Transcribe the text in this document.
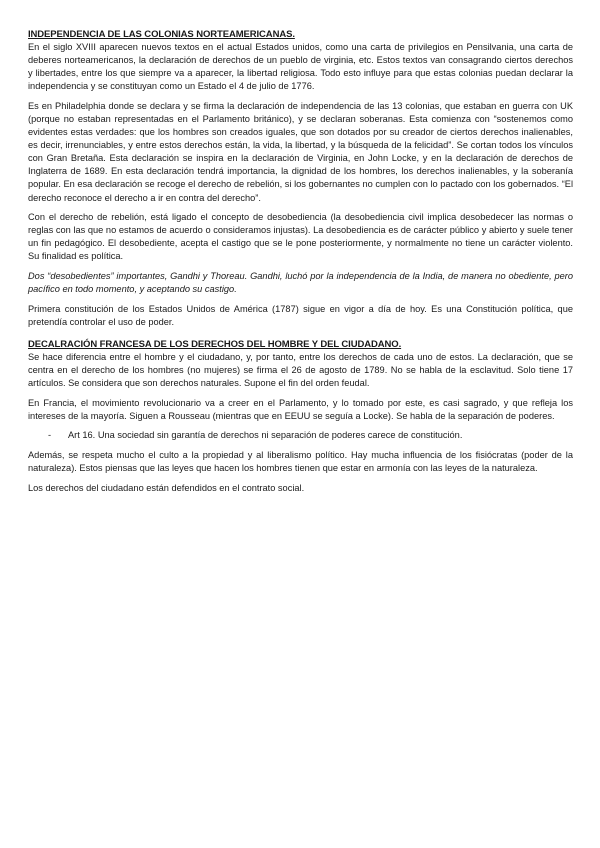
INDEPENDENCIA DE LAS COLONIAS NORTEAMERICANAS.

En el siglo XVIII aparecen nuevos textos en el actual Estados unidos, como una carta de privilegios en Pensilvania, una carta de deberes norteamericanos, la declaración de derechos de un pueblo de virginia, etc. Estos textos van consagrando ciertos derechos y libertades, entre los que siempre va a aparecer, la libertad religiosa. Todo esto influye para que estas colonias puedan declarar la independencia y se constituyan como un Estado el 4 de julio de 1776.

Es en Philadelphia donde se declara y se firma la declaración de independencia de las 13 colonias, que estaban en guerra con UK (porque no estaban representadas en el Parlamento británico), y se declaran soberanas. Esta comienza con “sostenemos como evidentes estas verdades: que los hombres son creados iguales, que son dotados por su creador de ciertos derechos inalienables, es decir, irrenunciables, y entre estos derechos están, la vida, la libertad, y la búsqueda de la felicidad”. Se cortan todos los vínculos con Gran Bretaña. Esta declaración se inspira en la declaración de Virginia, en John Locke, y en la declaración de derechos de Inglaterra de 1689. En esta declaración tendrá importancia, la dignidad de los hombres, los derechos inalienables, y la soberanía popular. En esa declaración se recoge el derecho de rebelión, si los gobernantes no cumplen con lo pactado con los gobernados. “El derecho reconoce el derecho a ir en contra del derecho”.

Con el derecho de rebelión, está ligado el concepto de desobediencia (la desobediencia civil implica desobedecer las normas o reglas con las que no estamos de acuerdo o consideramos injustas). La desobediencia es de carácter público y abierto y suele tener un fin pedagógico. El desobediente, acepta el castigo que se le pone posteriormente, y normalmente no tiene un carácter violento. Su finalidad es política.

Dos “desobedientes” importantes, Gandhi y Thoreau. Gandhi, luchó por la independencia de la India, de manera no obediente, pero pacífico en todo momento, y aceptando su castigo.

Primera constitución de los Estados Unidos de América (1787) sigue en vigor a día de hoy. Es una Constitución política, que pretendía controlar el uso de poder.

DECALRACIÓN FRANCESA DE LOS DERECHOS DEL HOMBRE Y DEL CIUDADANO.

Se hace diferencia entre el hombre y el ciudadano, y, por tanto, entre los derechos de cada uno de estos. La declaración, que se centra en el derecho de los hombres (no mujeres) se firma el 26 de agosto de 1789. No se habla de la esclavitud. Solo tiene 17 artículos. Se considera que son derechos naturales. Supone el fin del orden feudal.

En Francia, el movimiento revolucionario va a creer en el Parlamento, y lo tomado por este, es casi sagrado, y que refleja los intereses de la mayoría. Siguen a Rousseau (mientras que en EEUU se seguía a Locke). Se habla de la separación de poderes.

-	Art 16. Una sociedad sin garantía de derechos ni separación de poderes carece de constitución.

Además, se respeta mucho el culto a la propiedad y al liberalismo político. Hay mucha influencia de los fisiócratas (poder de la naturaleza). Estos piensas que las leyes que hacen los hombres tienen que estar en armonía con las leyes de la naturaleza.

Los derechos del ciudadano están defendidos en el contrato social.
